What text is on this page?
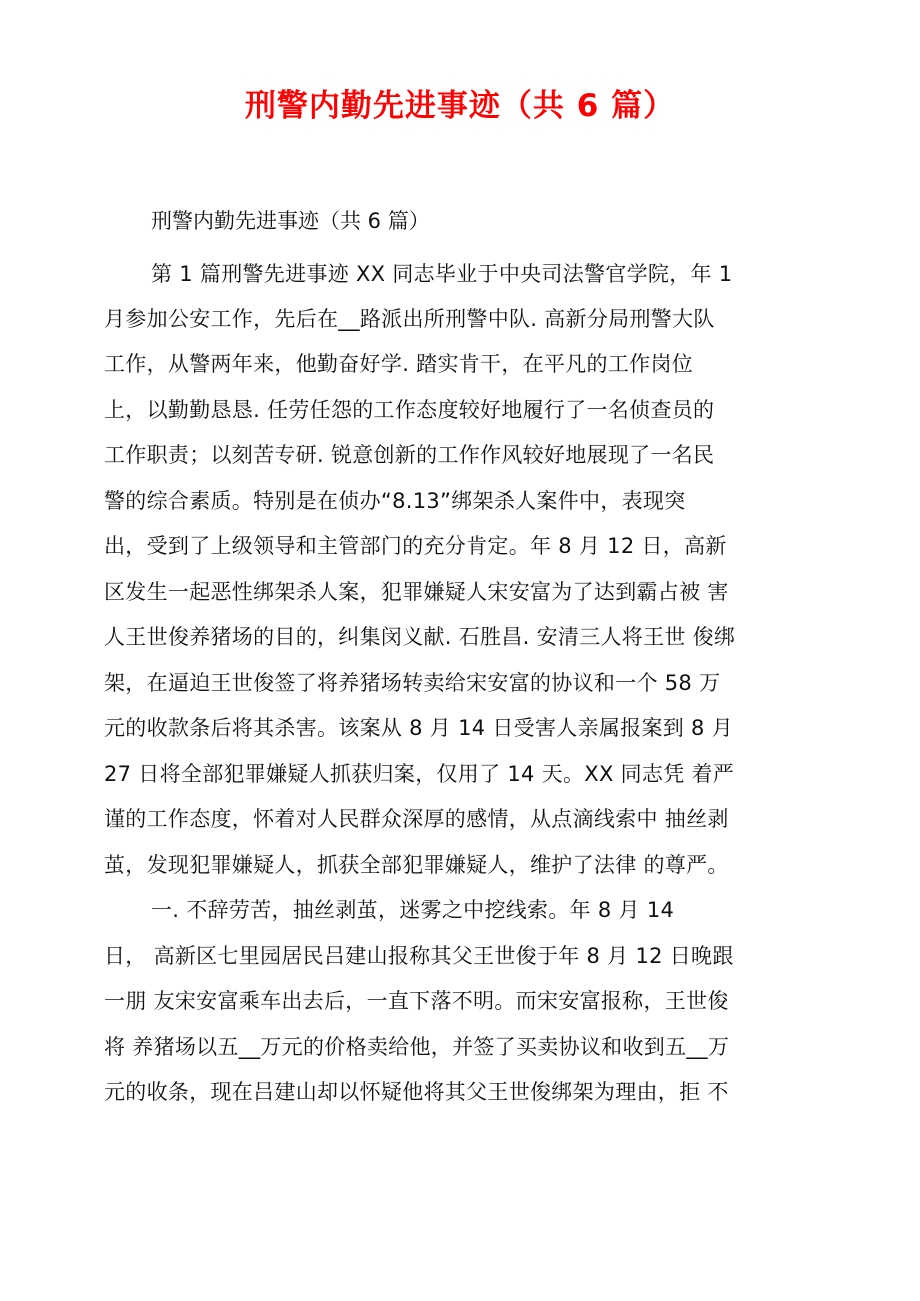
刑警内勤先进事迹（共 6 篇）
刑警内勤先进事迹（共 6 篇）
第 1 篇刑警先进事迹 XX 同志毕业于中央司法警官学院，年 1
月参加公安工作，先后在__路派出所刑警中队. 高新分局刑警大队
工作，从警两年来，他勤奋好学. 踏实肯干，在平凡的工作岗位
上，以勤勤恳恳. 任劳任怨的工作态度较好地履行了一名侦查员的
工作职责；以刻苦专研. 锐意创新的工作作风较好地展现了一名民
警的综合素质。特别是在侦办“8.13”绑架杀人案件中，表现突
出，受到了上级领导和主管部门的充分肯定。年 8 月 12 日，高新
区发生一起恶性绑架杀人案，犯罪嫌疑人宋安富为了达到霸占被 害
人王世俊养猪场的目的，纠集闵义献. 石胜昌. 安清三人将王世 俊绑
架，在逼迫王世俊签了将养猪场转卖给宋安富的协议和一个 58 万
元的收款条后将其杀害。该案从 8 月 14 日受害人亲属报案到 8 月
27 日将全部犯罪嫌疑人抓获归案，仅用了 14 天。XX 同志凭 着严
谨的工作态度，怀着对人民群众深厚的感情，从点滴线索中 抽丝剥
茧，发现犯罪嫌疑人，抓获全部犯罪嫌疑人，维护了法律 的尊严。
一. 不辞劳苦，抽丝剥茧，迷雾之中挖线索。年 8 月 14
日， 高新区七里园居民吕建山报称其父王世俊于年 8 月 12 日晚跟
一朋 友宋安富乘车出去后，一直下落不明。而宋安富报称，王世俊
将 养猪场以五__万元的价格卖给他，并签了买卖协议和收到五__万
元的收条，现在吕建山却以怀疑他将其父王世俊绑架为理由，拒 不
